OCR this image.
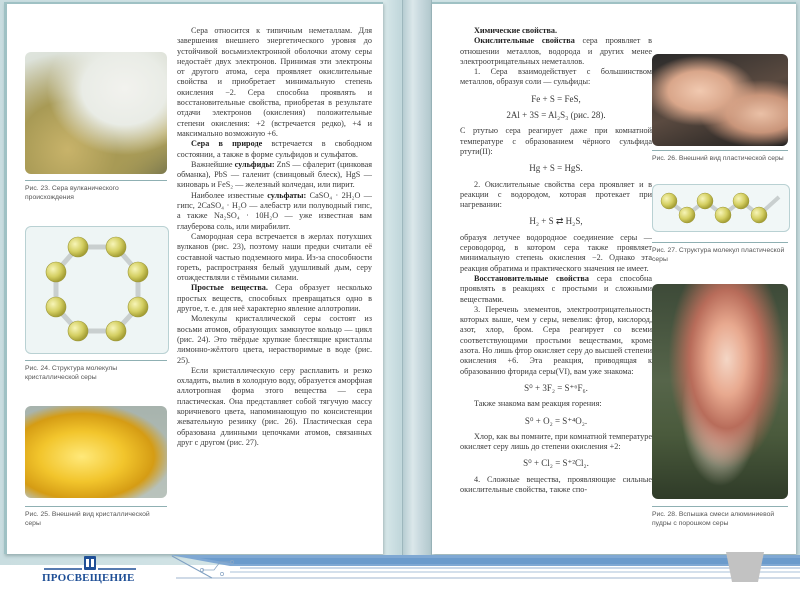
Рис. 23. Сера вулканического происхождения
Рис. 24. Структура молекулы кристаллической серы
Рис. 25. Внешний вид кристаллической серы

Сера относится к типичным неметаллам. Для завершения внешнего энергетического уровня до устойчивой восьмиэлектронной оболочки атому серы недостаёт двух электронов. Принимая эти электроны от другого атома, сера проявляет окислительные свойства и приобретает минимальную степень окисления −2. Сера способна проявлять и восстановительные свойства, приобретая в результате отдачи электронов (окисления) положительные степени окисления: +2 (встречается редко), +4 и максимально возможную +6.

Сера в природе встречается в свободном состоянии, а также в форме сульфидов и сульфатов.

Важнейшие сульфиды: ZnS — сфалерит (цинковая обманка), PbS — галенит (свинцовый блеск), HgS — киноварь и FeS₂ — железный колчедан, или пирит.

Наиболее известные сульфаты: CaSO₄ · 2H₂O — гипс, 2CaSO₄ · H₂O — алебастр или полуводный гипс, а также Na₂SO₄ · 10H₂O — уже известная вам глауберова соль, или мирабилит.

Самородная сера встречается в жерлах потухших вулканов (рис. 23), поэтому наши предки считали её составной частью подземного мира. Из-за способности гореть, распространяя белый удушливый дым, серу отождествляли с тёмными силами.

Простые вещества. Сера образует несколько простых веществ, способных превращаться одно в другое, т. е. для неё характерно явление аллотропии.

Молекулы кристаллической серы состоят из восьми атомов, образующих замкнутое кольцо — цикл (рис. 24). Это твёрдые хрупкие блестящие кристаллы лимонно-жёлтого цвета, нерастворимые в воде (рис. 25).

Если кристаллическую серу расплавить и резко охладить, вылив в холодную воду, образуется аморфная аллотропная форма этого вещества — сера пластическая. Она представляет собой тягучую массу коричневого цвета, напоминающую по консистенции жевательную резинку (рис. 26). Пластическая сера образована длинными цепочками атомов, связанных друг с другом (рис. 27).

Химические свойства.

Окислительные свойства сера проявляет в отношении металлов, водорода и других менее электроотрицательных неметаллов.

1. Сера взаимодействует с большинством металлов, образуя соли — сульфиды:

Fe + S = FeS,

2Al + 3S = Al₂S₃ (рис. 28).

С ртутью сера реагирует даже при комнатной температуре с образованием чёрного сульфида ртути(II):

Hg + S = HgS.

2. Окислительные свойства сера проявляет и в реакции с водородом, которая протекает при нагревании:

H₂ + S ⇄ H₂S,

образуя летучее водородное соединение серы — сероводород, в котором сера также проявляет минимальную степень окисления −2. Однако эта реакция обратима и практического значения не имеет.

Восстановительные свойства сера способна проявлять в реакциях с простыми и сложными веществами.

3. Перечень элементов, электроотрицательность которых выше, чем у серы, невелик: фтор, кислород, азот, хлор, бром. Сера реагирует со всеми соответствующими простыми веществами, кроме азота. Но лишь фтор окисляет серу до высшей степени окисления +6. Эта реакция, приводящая к образованию фторида серы(VI), вам уже знакома:

S⁰ + 3F₂ = S⁺⁶F₆.

Также знакома вам реакция горения:

S⁰ + O₂ = S⁺⁴O₂.

Хлор, как вы помните, при комнатной температуре окисляет серу лишь до степени окисления +2:

S⁰ + Cl₂ = S⁺²Cl₂.

4. Сложные вещества, проявляющие сильные окислительные свойства, также спо-

Рис. 26. Внешний вид пластической серы
Рис. 27. Структура молекул пластической серы
Рис. 28. Вспышка смеси алюминиевой пудры с порошком серы
ПРОСВЕЩЕНИЕ
